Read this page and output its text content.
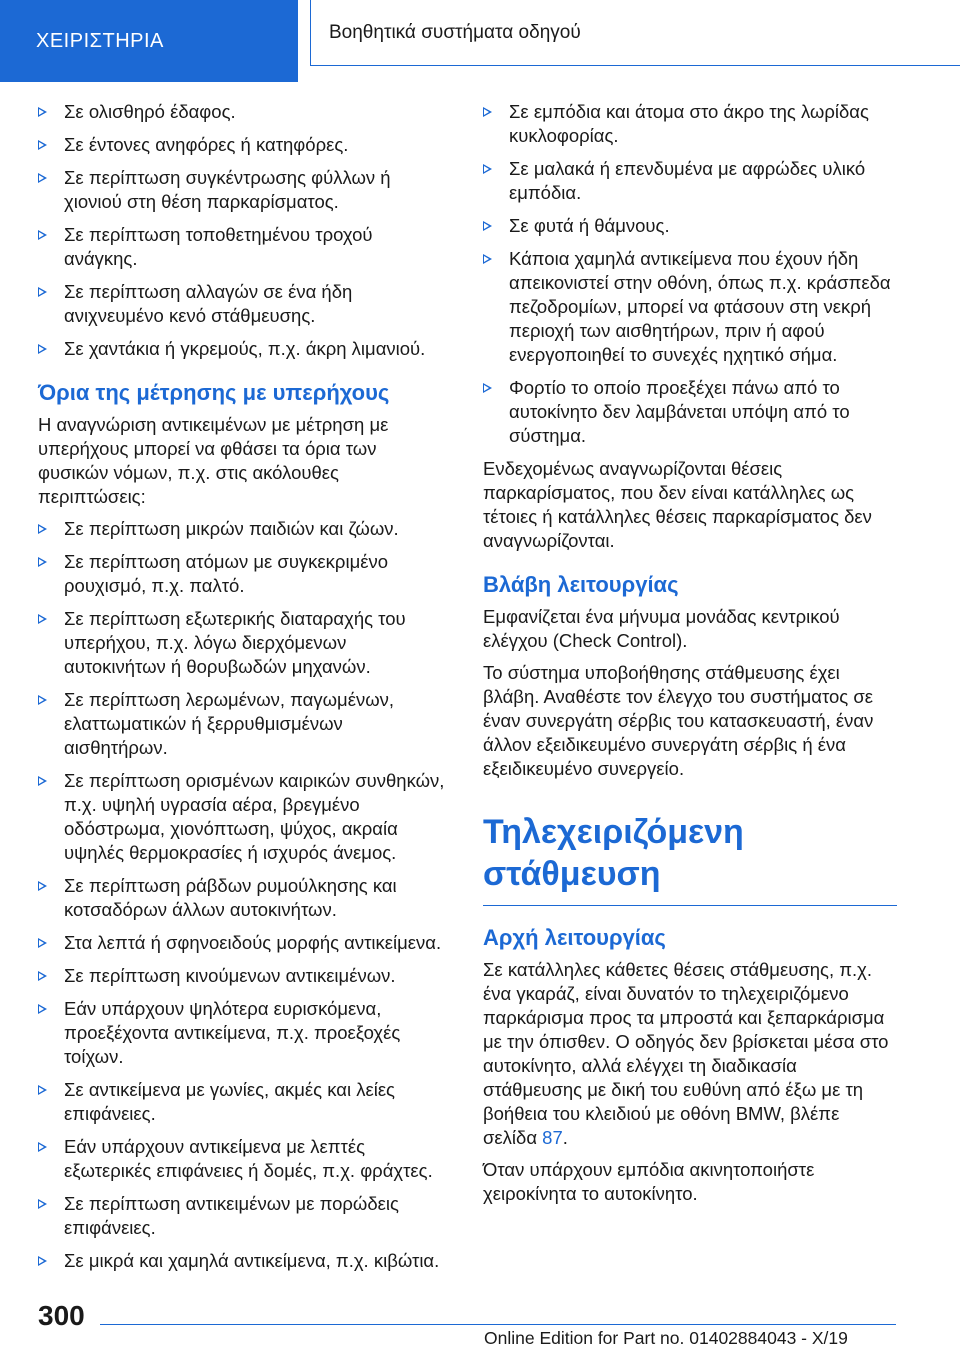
ΧΕΙΡΙΣΤΗΡΙΑ	Βοηθητικά συστήματα οδηγού
Σε ολισθηρό έδαφος.
Σε έντονες ανηφόρες ή κατηφόρες.
Σε περίπτωση συγκέντρωσης φύλλων ή χιονιού στη θέση παρκαρίσματος.
Σε περίπτωση τοποθετημένου τροχού ανάγκης.
Σε περίπτωση αλλαγών σε ένα ήδη ανιχνευμένο κενό στάθμευσης.
Σε χαντάκια ή γκρεμούς, π.χ. άκρη λιμανιού.
Όρια της μέτρησης με υπερήχους

Η αναγνώριση αντικειμένων με μέτρηση με υπερήχους μπορεί να φθάσει τα όρια των φυσικών νόμων, π.χ. στις ακόλουθες περιπτώσεις:

Σε περίπτωση μικρών παιδιών και ζώων.
Σε περίπτωση ατόμων με συγκεκριμένο ρουχισμό, π.χ. παλτό.
Σε περίπτωση εξωτερικής διαταραχής του υπερήχου, π.χ. λόγω διερχόμενων αυτοκινήτων ή θορυβωδών μηχανών.
Σε περίπτωση λερωμένων, παγωμένων, ελαττωματικών ή ξερρυθμισμένων αισθητήρων.
Σε περίπτωση ορισμένων καιρικών συνθηκών, π.χ. υψηλή υγρασία αέρα, βρεγμένο οδόστρωμα, χιονόπτωση, ψύχος, ακραία υψηλές θερμοκρασίες ή ισχυρός άνεμος.
Σε περίπτωση ράβδων ρυμούλκησης και κοτσαδόρων άλλων αυτοκινήτων.
Στα λεπτά ή σφηνοειδούς μορφής αντικείμενα.
Σε περίπτωση κινούμενων αντικειμένων.
Εάν υπάρχουν ψηλότερα ευρισκόμενα, προεξέχοντα αντικείμενα, π.χ. προεξοχές τοίχων.
Σε αντικείμενα με γωνίες, ακμές και λείες επιφάνειες.
Εάν υπάρχουν αντικείμενα με λεπτές εξωτερικές επιφάνειες ή δομές, π.χ. φράχτες.
Σε περίπτωση αντικειμένων με πορώδεις επιφάνειες.
Σε μικρά και χαμηλά αντικείμενα, π.χ. κιβώτια.
Σε εμπόδια και άτομα στο άκρο της λωρίδας κυκλοφορίας.
Σε μαλακά ή επενδυμένα με αφρώδες υλικό εμπόδια.
Σε φυτά ή θάμνους.
Κάποια χαμηλά αντικείμενα που έχουν ήδη απεικονιστεί στην οθόνη, όπως π.χ. κράσπεδα πεζοδρομίων, μπορεί να φτάσουν στη νεκρή περιοχή των αισθητήρων, πριν ή αφού ενεργοποιηθεί το συνεχές ηχητικό σήμα.
Φορτίο το οποίο προεξέχει πάνω από το αυτοκίνητο δεν λαμβάνεται υπόψη από το σύστημα.

Ενδεχομένως αναγνωρίζονται θέσεις παρκαρίσματος, που δεν είναι κατάλληλες ως τέτοιες ή κατάλληλες θέσεις παρκαρίσματος δεν αναγνωρίζονται.

Βλάβη λειτουργίας

Εμφανίζεται ένα μήνυμα μονάδας κεντρικού ελέγχου (Check Control).

Το σύστημα υποβοήθησης στάθμευσης έχει βλάβη. Αναθέστε τον έλεγχο του συστήματος σε έναν συνεργάτη σέρβις του κατασκευαστή, έναν άλλον εξειδικευμένο συνεργάτη σέρβις ή ένα εξειδικευμένο συνεργείο.

Τηλεχειριζόμενη στάθμευση
Αρχή λειτουργίας

Σε κατάλληλες κάθετες θέσεις στάθμευσης, π.χ. ένα γκαράζ, είναι δυνατόν το τηλεχειριζόμενο παρκάρισμα προς τα μπροστά και ξεπαρκάρισμα με την όπισθεν. Ο οδηγός δεν βρίσκεται μέσα στο αυτοκίνητο, αλλά ελέγχει τη διαδικασία στάθμευσης με δική του ευθύνη από έξω με τη βοήθεια του κλειδιού με οθόνη BMW, βλέπε σελίδα 87.

Όταν υπάρχουν εμπόδια ακινητοποιήστε χειροκίνητα το αυτοκίνητο.

300
Online Edition for Part no. 01402884043 - X/19
